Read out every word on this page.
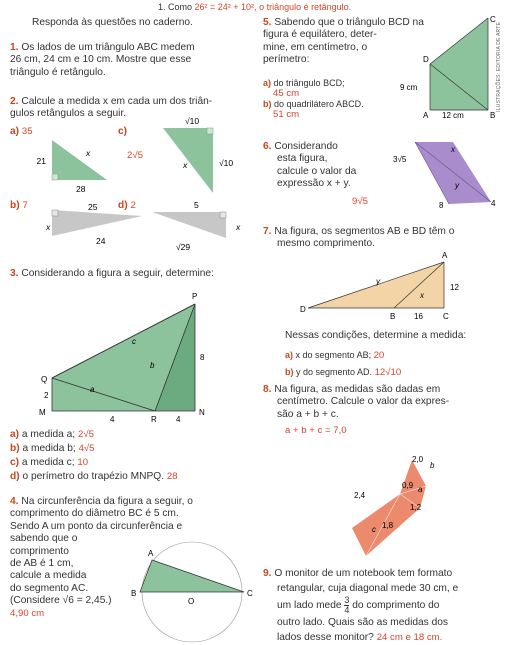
1. Como 26² = 24² + 10², o triângulo é retângulo.
Responda às questões no caderno.
1. Os lados de um triângulo ABC medem
26 cm, 24 cm e 10 cm. Mostre que esse
triângulo é retângulo.
2. Calcule a medida x em cada um dos triân-
gulos retângulos a seguir.
a) 35
x
21
28
c)
√10
√10
x
2√5
b) 7
x
25
24
d) 2	5
x
√29
3. Considerando a figura a seguir, determine:
P
Q
M
R
N
c
b
a
8
2
4	4
a) a medida a; 2√5
b) a medida b; 4√5
c) a medida c; 10
d) o perímetro do trapézio MNPQ. 28
4. Na circunferência da figura a seguir, o
comprimento do diâmetro BC é 5 cm.
Sendo A um ponto da circunferência e
sabendo que o
comprimento
de AB é 1 cm,
calcule a medida
do segmento AC.
(Considere √6 = 2,45.)
4,90 cm
A
B
O
C
5. Sabendo que o triângulo BCD na
figura é equilátero, deter-
mine, em centímetro, o
perímetro:
a) do triângulo BCD;
45 cm
b) do quadrilátero ABCD.
51 cm
C
D
A	B
9 cm
12 cm
6. Considerando
esta figura,
calcule o valor da
expressão x + y.
9√5
3√5
x
y
8	4
7. Na figura, os segmentos AB e BD têm o
mesmo comprimento.
A
D
B	C
y
x
12
16
Nessas condições, determine a medida:
a) x do segmento AB; 20
b) y do segmento AD. 12√10
8. Na figura, as medidas são dadas em
centímetro. Calcule o valor da expres-
são a + b + c.
a + b + c = 7,0
2,0
b
0,9 a
2,4
1,2
c 1,8
9. O monitor de um notebook tem formato
retangular, cuja diagonal mede 30 cm, e
um lado mede $\frac{3}{4}$ do comprimento do
outro lado. Quais são as medidas dos
lados desse monitor? 24 cm e 18 cm.
ILUSTRAÇÕES: EDITORIA DE ARTE
